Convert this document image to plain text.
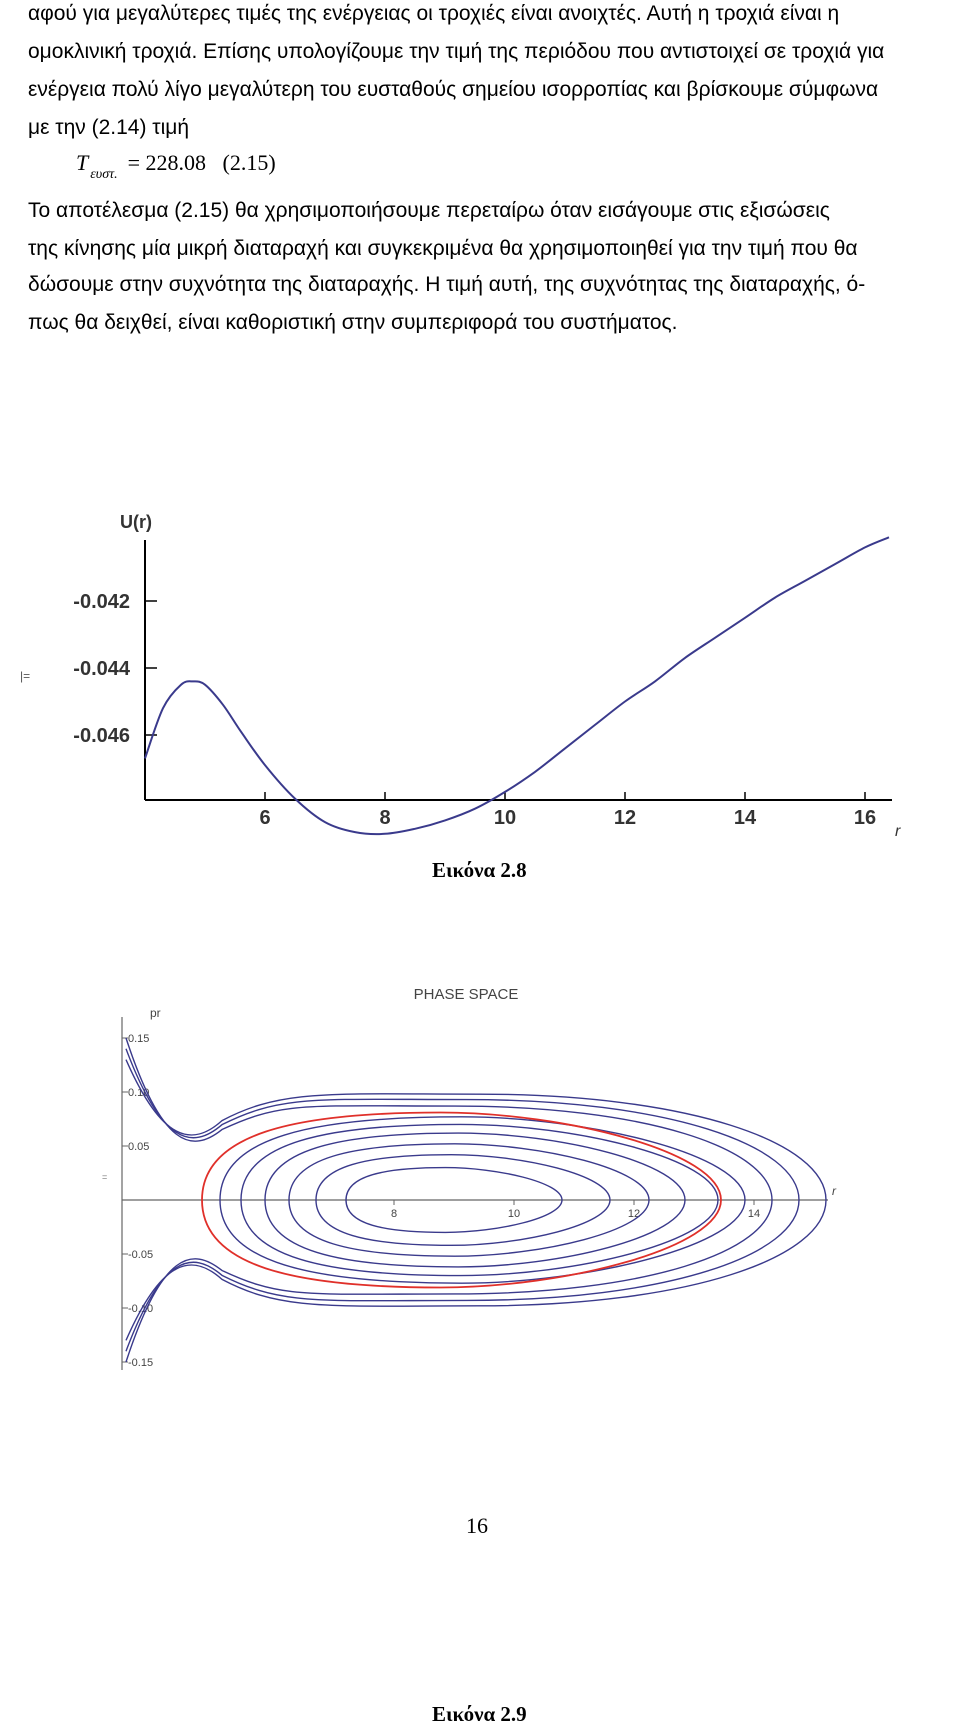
αφού για μεγαλύτερες τιμές της ενέργειας οι τροχιές είναι ανοιχτές. Αυτή η τροχιά είναι η
ομοκλινική τροχιά. Επίσης υπολογίζουμε την τιμή της περιόδου που αντιστοιχεί σε τροχιά για
ενέργεια πολύ λίγο μεγαλύτερη του ευσταθούς σημείου ισορροπίας και βρίσκουμε σύμφωνα
με την (2.14) τιμή
T $_{\varepsilon\upsilon\sigma\tau.}$ = 228.08 (2.15)
Το αποτέλεσμα (2.15) θα χρησιμοποιήσουμε περεταίρω όταν εισάγουμε στις εξισώσεις
της κίνησης μία μικρή διαταραχή και συγκεκριμένα θα χρησιμοποιηθεί για την τιμή που θα
δώσουμε στην συχνότητα της διαταραχής. Η τιμή αυτή, της συχνότητας της διαταραχής, ό-
πως θα δειχθεί, είναι καθοριστική στην συμπεριφορά του συστήματος.
U(r)
r
|=
-0.042
-0.044
-0.046
6	8	10	12	14	16
Εικόνα 2.8
PHASE SPACE
pr
r
=
0.15
0.10
0.05
-0.05
-0.10
-0.15
8	10	12	14
Εικόνα 2.9
16
